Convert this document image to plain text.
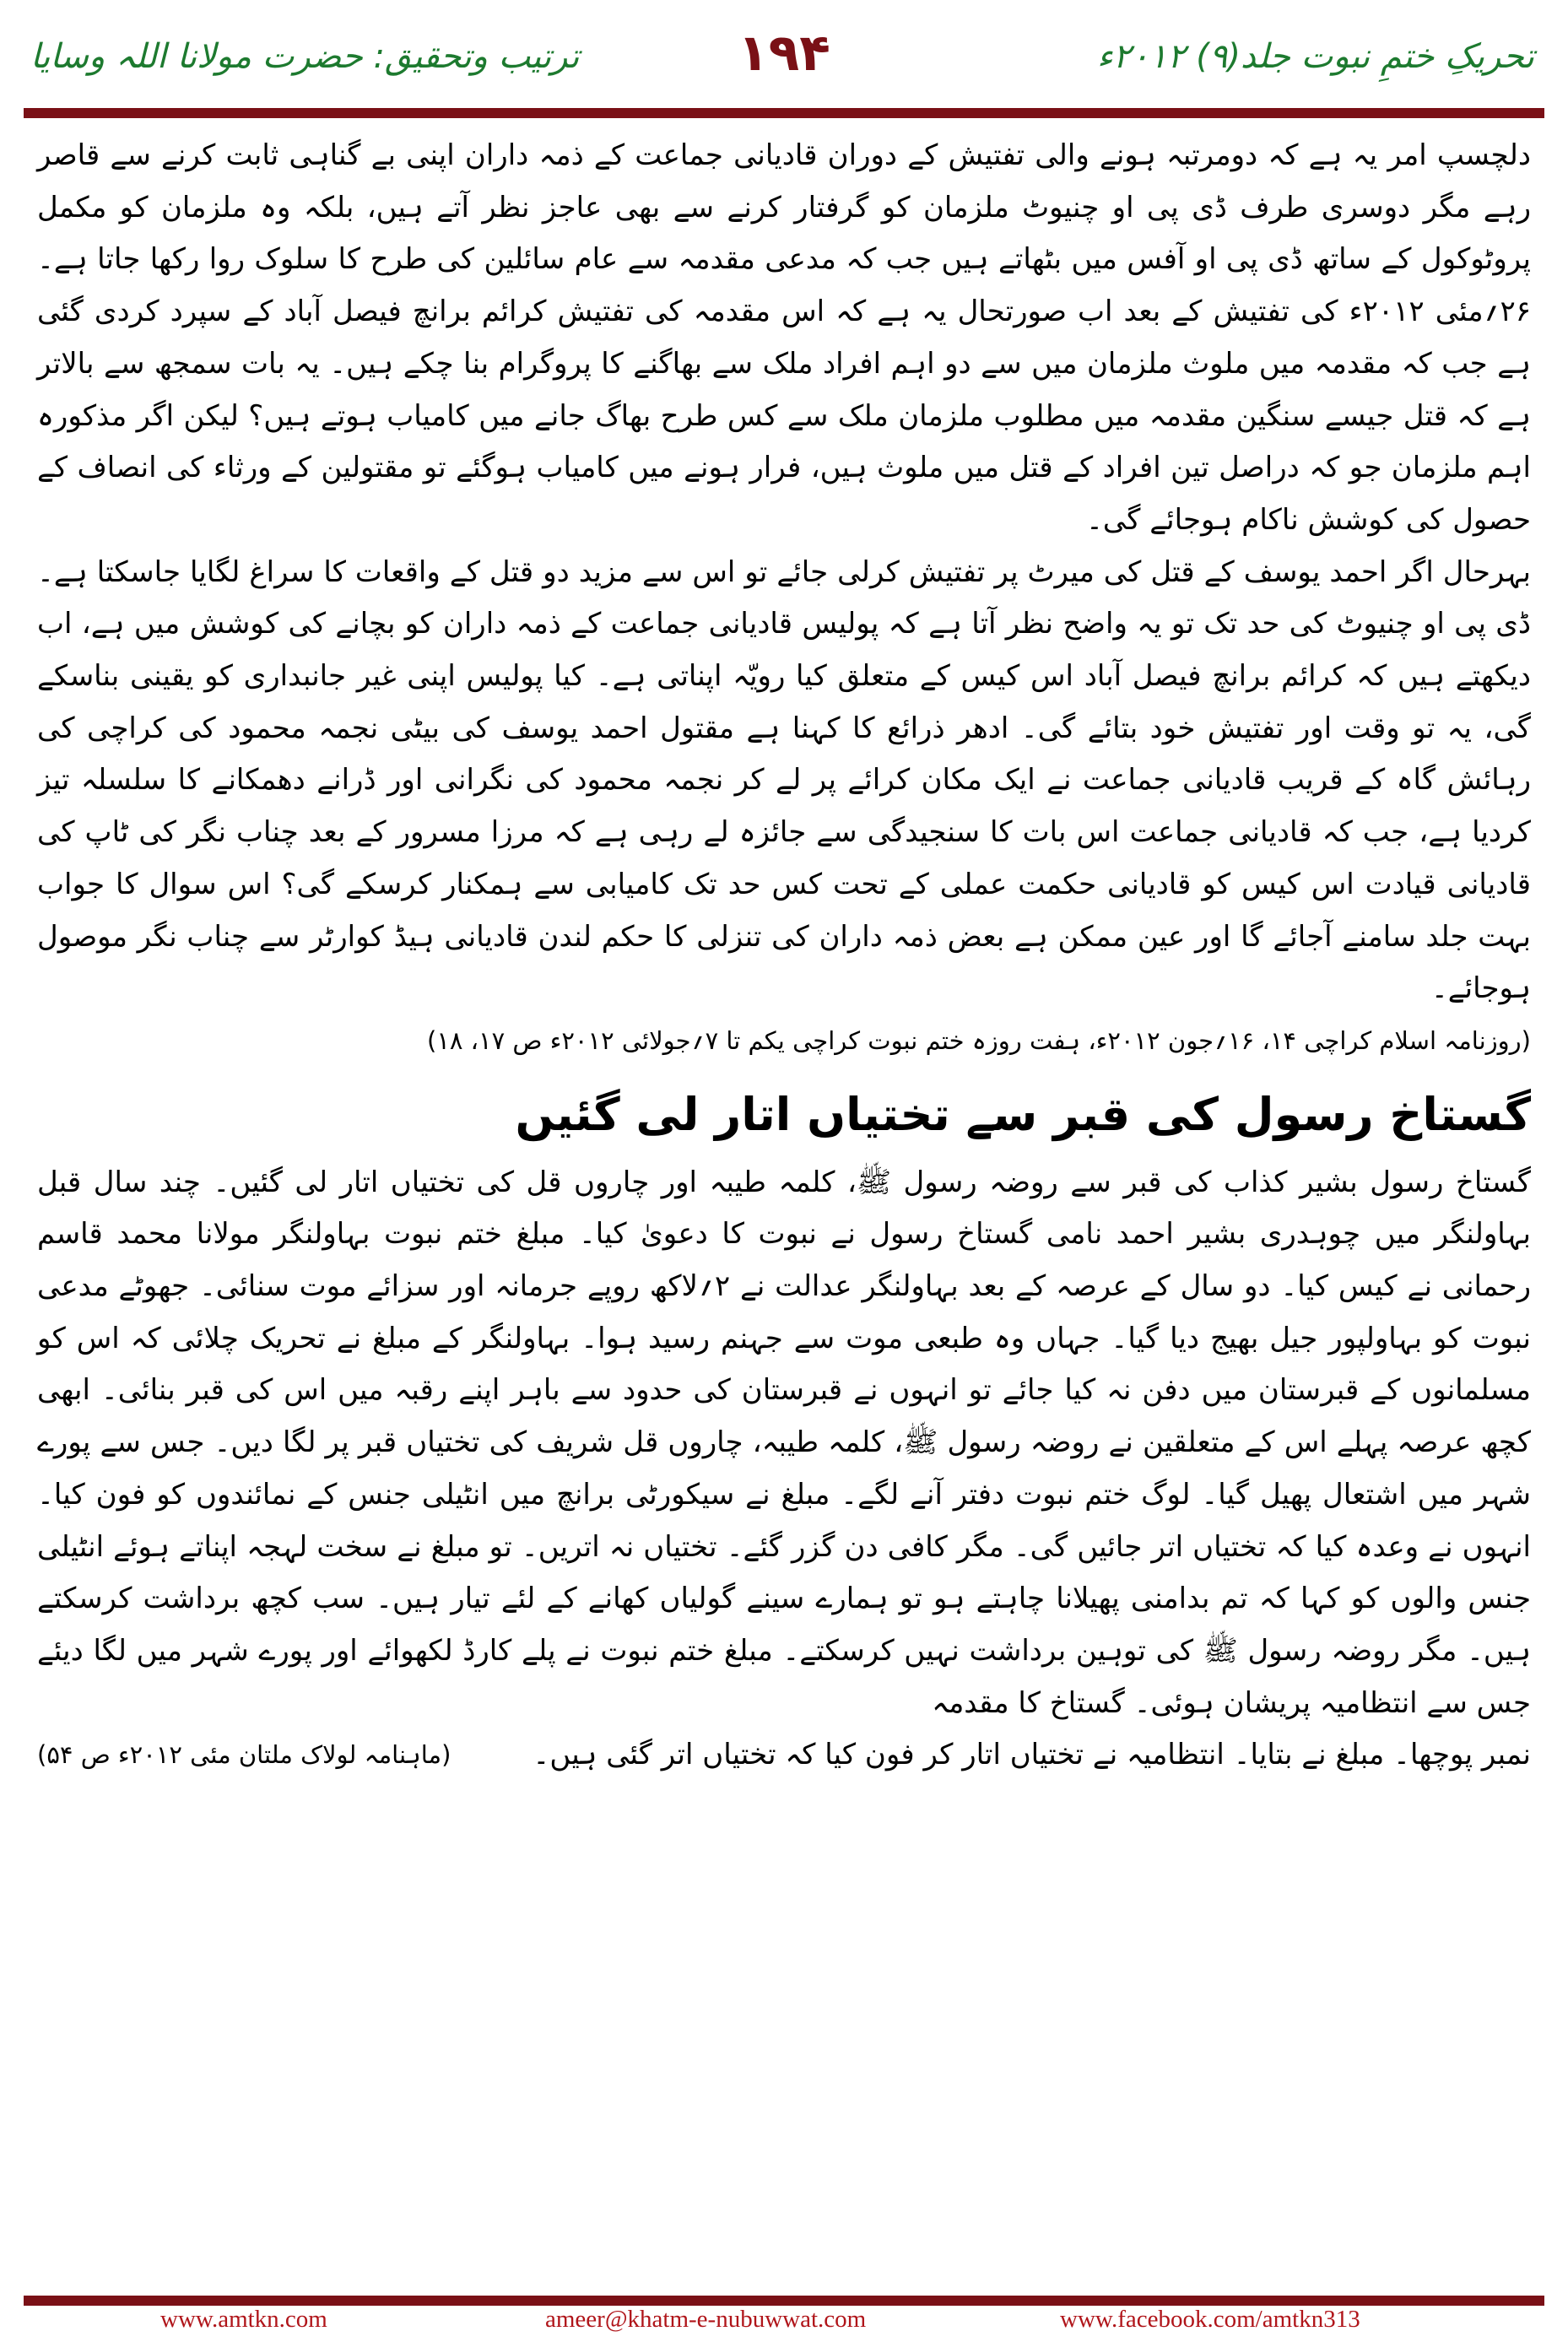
تحریکِ ختمِ نبوت جلد(۹) ۲۰۱۲ء
۱۹۴
ترتیب وتحقیق: حضرت مولانا اللہ وسایا

دلچسپ امر یہ ہے کہ دومرتبہ ہونے والی تفتیش کے دوران قادیانی جماعت کے ذمہ داران اپنی بے گناہی ثابت کرنے سے قاصر رہے مگر دوسری طرف ڈی پی او چنیوٹ ملزمان کو گرفتار کرنے سے بھی عاجز نظر آتے ہیں، بلکہ وہ ملزمان کو مکمل پروٹوکول کے ساتھ ڈی پی او آفس میں بٹھاتے ہیں جب کہ مدعی مقدمہ سے عام سائلین کی طرح کا سلوک روا رکھا جاتا ہے۔ ۲۶؍مئی ۲۰۱۲ء کی تفتیش کے بعد اب صورتحال یہ ہے کہ اس مقدمہ کی تفتیش کرائم برانچ فیصل آباد کے سپرد کردی گئی ہے جب کہ مقدمہ میں ملوث ملزمان میں سے دو اہم افراد ملک سے بھاگنے کا پروگرام بنا چکے ہیں۔ یہ بات سمجھ سے بالاتر ہے کہ قتل جیسے سنگین مقدمہ میں مطلوب ملزمان ملک سے کس طرح بھاگ جانے میں کامیاب ہوتے ہیں؟ لیکن اگر مذکورہ اہم ملزمان جو کہ دراصل تین افراد کے قتل میں ملوث ہیں، فرار ہونے میں کامیاب ہوگئے تو مقتولین کے ورثاء کی انصاف کے حصول کی کوشش ناکام ہوجائے گی۔

بہرحال اگر احمد یوسف کے قتل کی میرٹ پر تفتیش کرلی جائے تو اس سے مزید دو قتل کے واقعات کا سراغ لگایا جاسکتا ہے۔ ڈی پی او چنیوٹ کی حد تک تو یہ واضح نظر آتا ہے کہ پولیس قادیانی جماعت کے ذمہ داران کو بچانے کی کوشش میں ہے، اب دیکھتے ہیں کہ کرائم برانچ فیصل آباد اس کیس کے متعلق کیا رویّہ اپناتی ہے۔ کیا پولیس اپنی غیر جانبداری کو یقینی بناسکے گی، یہ تو وقت اور تفتیش خود بتائے گی۔ ادھر ذرائع کا کہنا ہے مقتول احمد یوسف کی بیٹی نجمہ محمود کی کراچی کی رہائش گاہ کے قریب قادیانی جماعت نے ایک مکان کرائے پر لے کر نجمہ محمود کی نگرانی اور ڈرانے دھمکانے کا سلسلہ تیز کردیا ہے، جب کہ قادیانی جماعت اس بات کا سنجیدگی سے جائزہ لے رہی ہے کہ مرزا مسرور کے بعد چناب نگر کی ٹاپ کی قادیانی قیادت اس کیس کو قادیانی حکمت عملی کے تحت کس حد تک کامیابی سے ہمکنار کرسکے گی؟ اس سوال کا جواب بہت جلد سامنے آجائے گا اور عین ممکن ہے بعض ذمہ داران کی تنزلی کا حکم لندن قادیانی ہیڈ کوارٹر سے چناب نگر موصول ہوجائے۔

(روزنامہ اسلام کراچی ۱۴، ۱۶؍جون ۲۰۱۲ء، ہفت روزہ ختم نبوت کراچی یکم تا ۷؍جولائی ۲۰۱۲ء ص ۱۷، ۱۸)

گستاخ رسول کی قبر سے تختیاں اتار لی گئیں

گستاخ رسول بشیر کذاب کی قبر سے روضہ رسول ﷺ، کلمہ طیبہ اور چاروں قل کی تختیاں اتار لی گئیں۔ چند سال قبل بہاولنگر میں چوہدری بشیر احمد نامی گستاخ رسول نے نبوت کا دعویٰ کیا۔ مبلغ ختم نبوت بہاولنگر مولانا محمد قاسم رحمانی نے کیس کیا۔ دو سال کے عرصہ کے بعد بہاولنگر عدالت نے ۲؍لاکھ روپے جرمانہ اور سزائے موت سنائی۔ جھوٹے مدعی نبوت کو بہاولپور جیل بھیج دیا گیا۔ جہاں وہ طبعی موت سے جہنم رسید ہوا۔ بہاولنگر کے مبلغ نے تحریک چلائی کہ اس کو مسلمانوں کے قبرستان میں دفن نہ کیا جائے تو انہوں نے قبرستان کی حدود سے باہر اپنے رقبہ میں اس کی قبر بنائی۔ ابھی کچھ عرصہ پہلے اس کے متعلقین نے روضہ رسول ﷺ، کلمہ طیبہ، چاروں قل شریف کی تختیاں قبر پر لگا دیں۔ جس سے پورے شہر میں اشتعال پھیل گیا۔ لوگ ختم نبوت دفتر آنے لگے۔ مبلغ نے سیکورٹی برانچ میں انٹیلی جنس کے نمائندوں کو فون کیا۔ انہوں نے وعدہ کیا کہ تختیاں اتر جائیں گی۔ مگر کافی دن گزر گئے۔ تختیاں نہ اتریں۔ تو مبلغ نے سخت لہجہ اپناتے ہوئے انٹیلی جنس والوں کو کہا کہ تم بدامنی پھیلانا چاہتے ہو تو ہمارے سینے گولیاں کھانے کے لئے تیار ہیں۔ سب کچھ برداشت کرسکتے ہیں۔ مگر روضہ رسول ﷺ کی توہین برداشت نہیں کرسکتے۔ مبلغ ختم نبوت نے پلے کارڈ لکھوائے اور پورے شہر میں لگا دیئے جس سے انتظامیہ پریشان ہوئی۔ گستاخ کا مقدمہ

نمبر پوچھا۔ مبلغ نے بتایا۔ انتظامیہ نے تختیاں اتار کر فون کیا کہ تختیاں اتر گئی ہیں۔
(ماہنامہ لولاک ملتان مئی ۲۰۱۲ء ص ۵۴)
www.amtkn.com	ameer@khatm-e-nubuwwat.com	www.facebook.com/amtkn313
